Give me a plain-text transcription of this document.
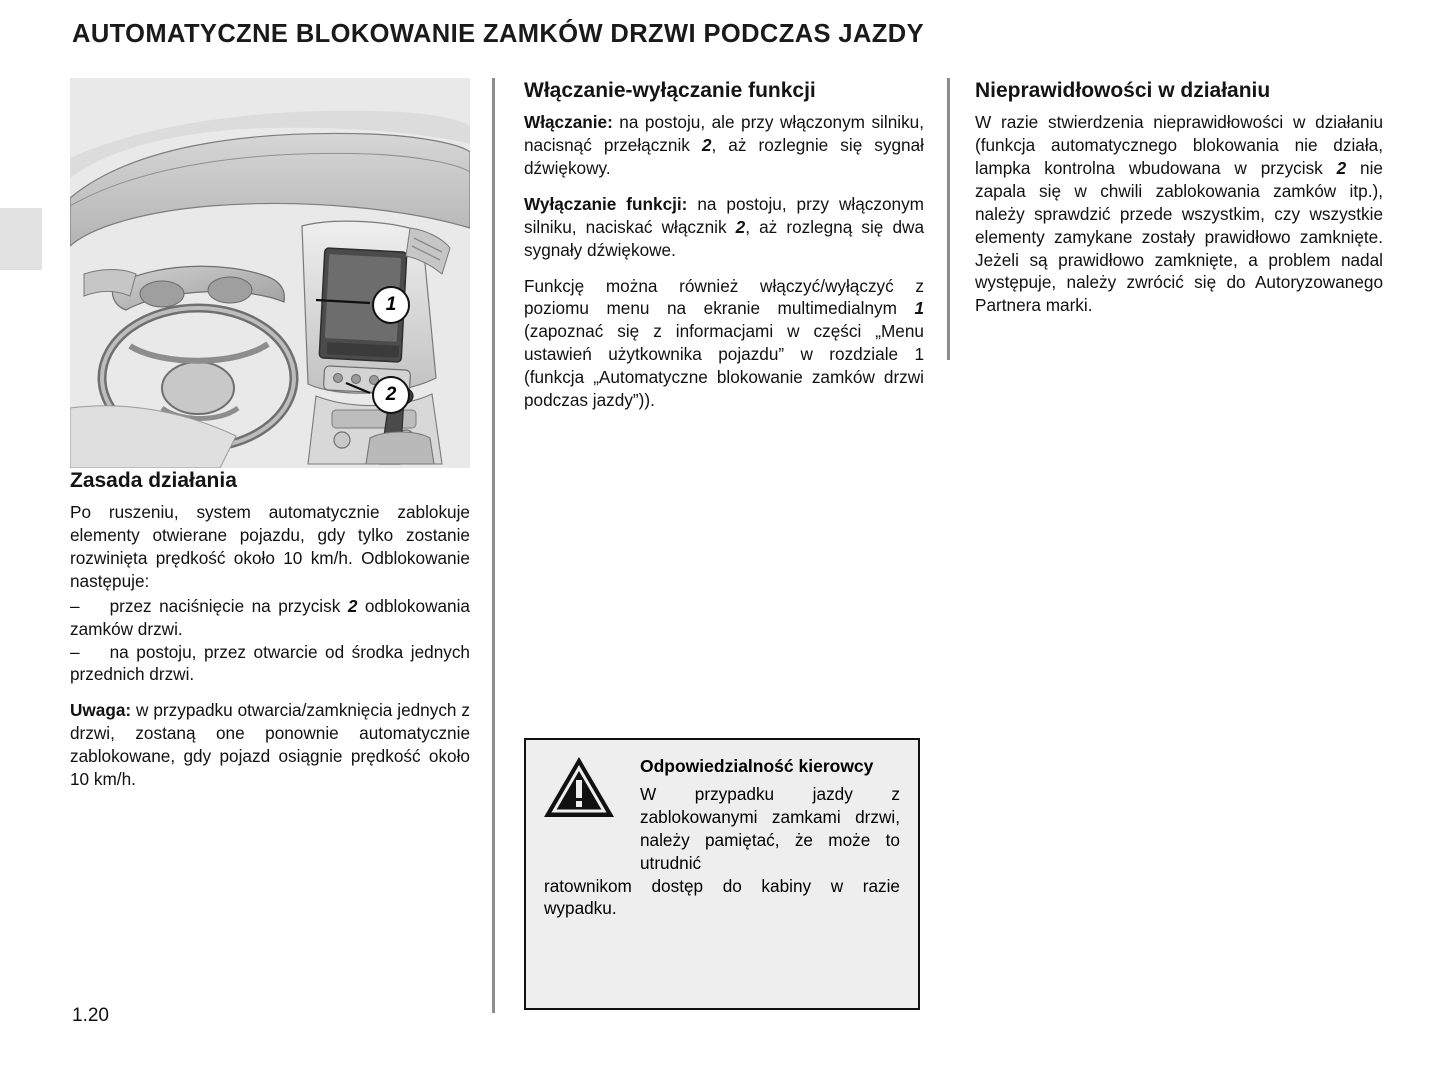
AUTOMATYCZNE BLOKOWANIE ZAMKÓW DRZWI PODCZAS JAZDY
1
2
Zasada działania

Po ruszeniu, system automatycznie zablokuje elementy otwierane pojazdu, gdy tylko zostanie rozwinięta prędkość około 10 km/h. Odblokowanie następuje:

– przez naciśnięcie na przycisk 2 odblokowania zamków drzwi.

– na postoju, przez otwarcie od środka jednych przednich drzwi.

Uwaga: w przypadku otwarcia/zamknięcia jednych z drzwi, zostaną one ponownie automatycznie zablokowane, gdy pojazd osiągnie prędkość około 10 km/h.

Włączanie-wyłączanie funkcji

Włączanie: na postoju, ale przy włączonym silniku, nacisnąć przełącznik 2, aż rozlegnie się sygnał dźwiękowy.

Wyłączanie funkcji: na postoju, przy włączonym silniku, naciskać włącznik 2, aż rozlegną się dwa sygnały dźwiękowe.

Funkcję można również włączyć/wyłączyć z poziomu menu na ekranie multimedialnym 1 (zapoznać się z informacjami w części „Menu ustawień użytkownika pojazdu” w rozdziale 1 (funkcja „Automatyczne blokowanie zamków drzwi podczas jazdy”)).

Odpowiedzialność kierowcy
W przypadku jazdy z zablokowanymi zamkami drzwi, należy pamiętać, że może to utrudnić
ratownikom dostęp do kabiny w razie wypadku.
Nieprawidłowości w działaniu

W razie stwierdzenia nieprawidłowości w działaniu (funkcja automatycznego blokowania nie działa, lampka kontrolna wbudowana w przycisk 2 nie zapala się w chwili zablokowania zamków itp.), należy sprawdzić przede wszystkim, czy wszystkie elementy zamykane zostały prawidłowo zamknięte. Jeżeli są prawidłowo zamknięte, a problem nadal występuje, należy zwrócić się do Autoryzowanego Partnera marki.

1.20
